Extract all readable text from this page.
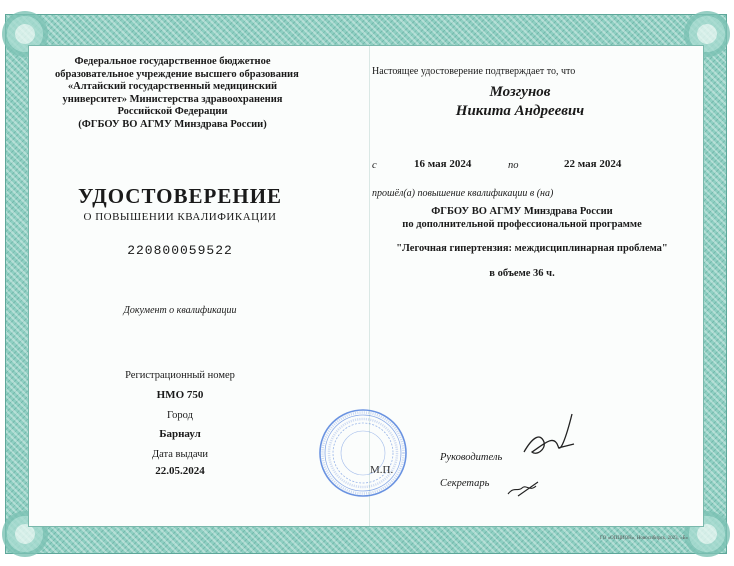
Федеральное государственное бюджетное
образовательное учреждение высшего образования
«Алтайский государственный медицинский
университет» Министерства здравоохранения
Российской Федерации
(ФГБОУ ВО АГМУ Минздрава России)
УДОСТОВЕРЕНИЕ
О ПОВЫШЕНИИ КВАЛИФИКАЦИИ
220800059522
Документ о квалификации
Регистрационный номер
НМО 750
Город
Барнаул
Дата выдачи
22.05.2024
Настоящее удостоверение подтверждает то, что
Мозгунов
Никита Андреевич
с	16 мая 2024	по	22 мая 2024
прошёл(а) повышение квалификации в (на)
ФГБОУ ВО АГМУ Минздрава России
по дополнительной профессиональной программе
"Легочная гипертензия: междисциплинарная проблема"
в объеме 36 ч.
М.П.
Руководитель
Секретарь
ГО «ОПЦИОН», Новосибирск, 2023, «Б»
